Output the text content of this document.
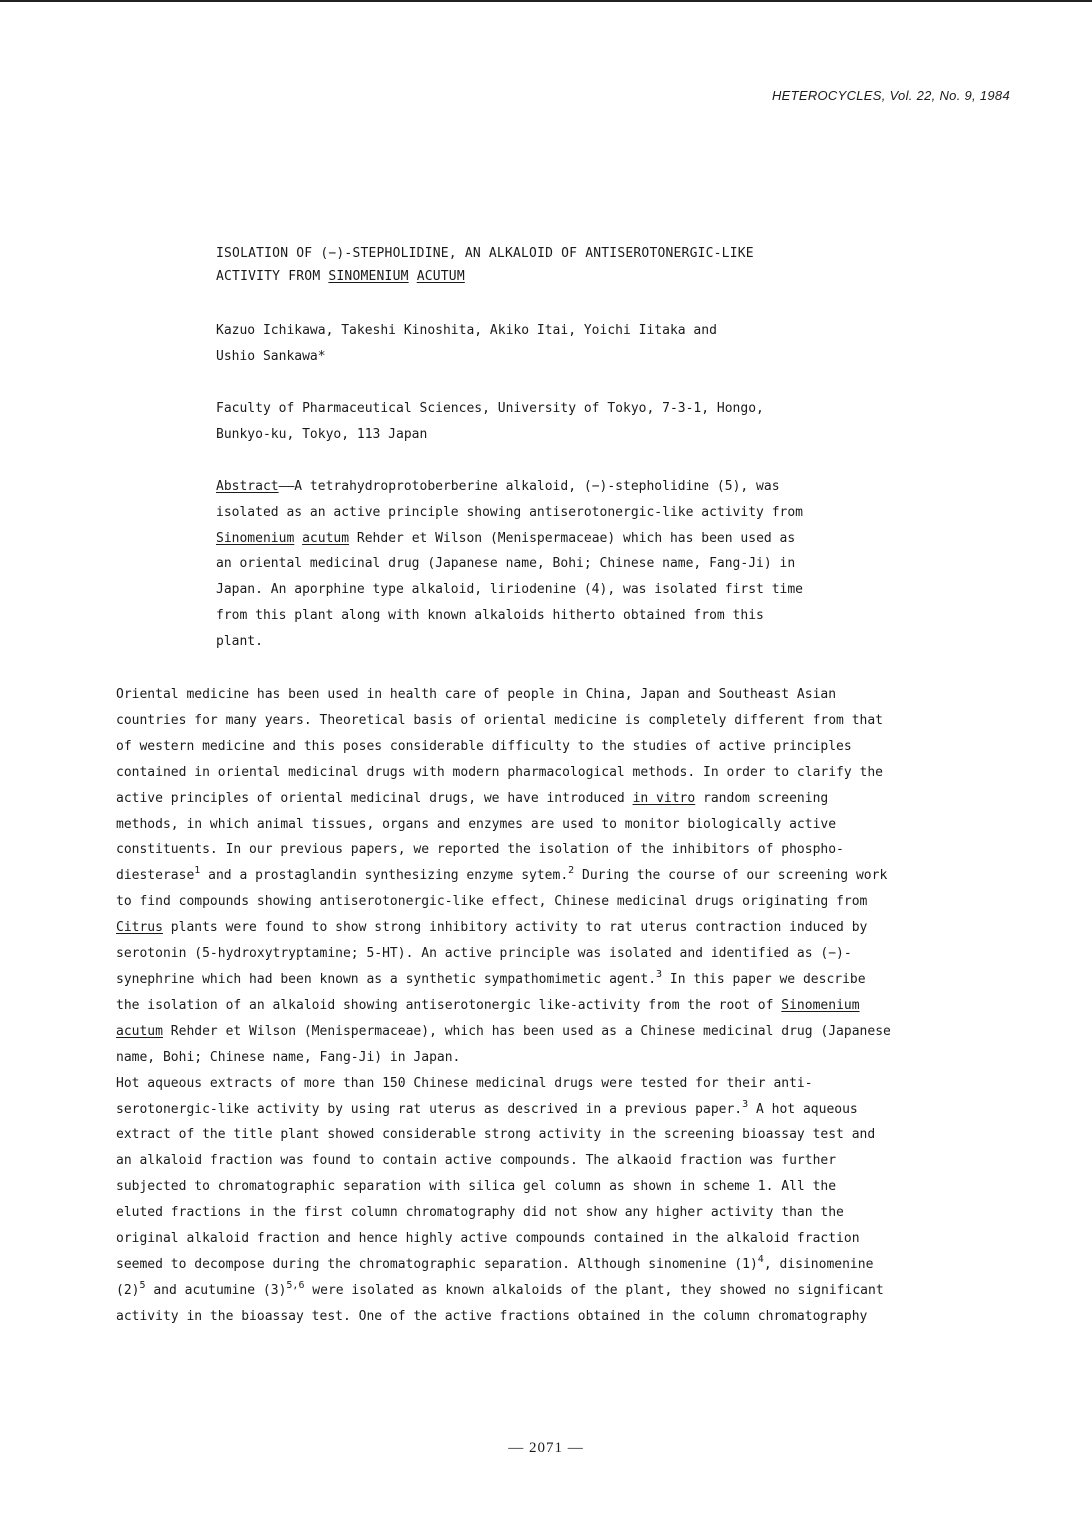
HETEROCYCLES, Vol. 22, No. 9, 1984
ISOLATION OF (−)-STEPHOLIDINE, AN ALKALOID OF ANTISEROTONERGIC-LIKE
ACTIVITY FROM SINOMENIUM ACUTUM
Kazuo Ichikawa, Takeshi Kinoshita, Akiko Itai, Yoichi Iitaka and
Ushio Sankawa*
Faculty of Pharmaceutical Sciences, University of Tokyo, 7-3-1, Hongo,
Bunkyo-ku, Tokyo, 113 Japan
Abstract——A tetrahydroprotoberberine alkaloid, (−)-stepholidine (5), was
isolated as an active principle showing antiserotonergic-like activity from
Sinomenium acutum Rehder et Wilson (Menispermaceae) which has been used as
an oriental medicinal drug (Japanese name, Bohi; Chinese name, Fang-Ji) in
Japan. An aporphine type alkaloid, liriodenine (4), was isolated first time
from this plant along with known alkaloids hitherto obtained from this
plant.
Oriental medicine has been used in health care of people in China, Japan and Southeast Asian
countries for many years. Theoretical basis of oriental medicine is completely different from that
of western medicine and this poses considerable difficulty to the studies of active principles
contained in oriental medicinal drugs with modern pharmacological methods. In order to clarify the
active principles of oriental medicinal drugs, we have introduced in vitro random screening
methods, in which animal tissues, organs and enzymes are used to monitor biologically active
constituents. In our previous papers, we reported the isolation of the inhibitors of phospho-
diesterase$^1$ and a prostaglandin synthesizing enzyme sytem.$^2$ During the course of our screening work
to find compounds showing antiserotonergic-like effect, Chinese medicinal drugs originating from
Citrus plants were found to show strong inhibitory activity to rat uterus contraction induced by
serotonin (5-hydroxytryptamine; 5-HT). An active principle was isolated and identified as (−)-
synephrine which had been known as a synthetic sympathomimetic agent.$^3$ In this paper we describe
the isolation of an alkaloid showing antiserotonergic like-activity from the root of Sinomenium
acutum Rehder et Wilson (Menispermaceae), which has been used as a Chinese medicinal drug (Japanese
name, Bohi; Chinese name, Fang-Ji) in Japan.
Hot aqueous extracts of more than 150 Chinese medicinal drugs were tested for their anti-
serotonergic-like activity by using rat uterus as descrived in a previous paper.$^3$ A hot aqueous
extract of the title plant showed considerable strong activity in the screening bioassay test and
an alkaloid fraction was found to contain active compounds. The alkaoid fraction was further
subjected to chromatographic separation with silica gel column as shown in scheme 1. All the
eluted fractions in the first column chromatography did not show any higher activity than the
original alkaloid fraction and hence highly active compounds contained in the alkaloid fraction
seemed to decompose during the chromatographic separation. Although sinomenine $(1)^4$, disinomenine
$(2)^5$ and acutumine $(3)^{5,6}$ were isolated as known alkaloids of the plant, they showed no significant
activity in the bioassay test. One of the active fractions obtained in the column chromatography
— 2071 —
